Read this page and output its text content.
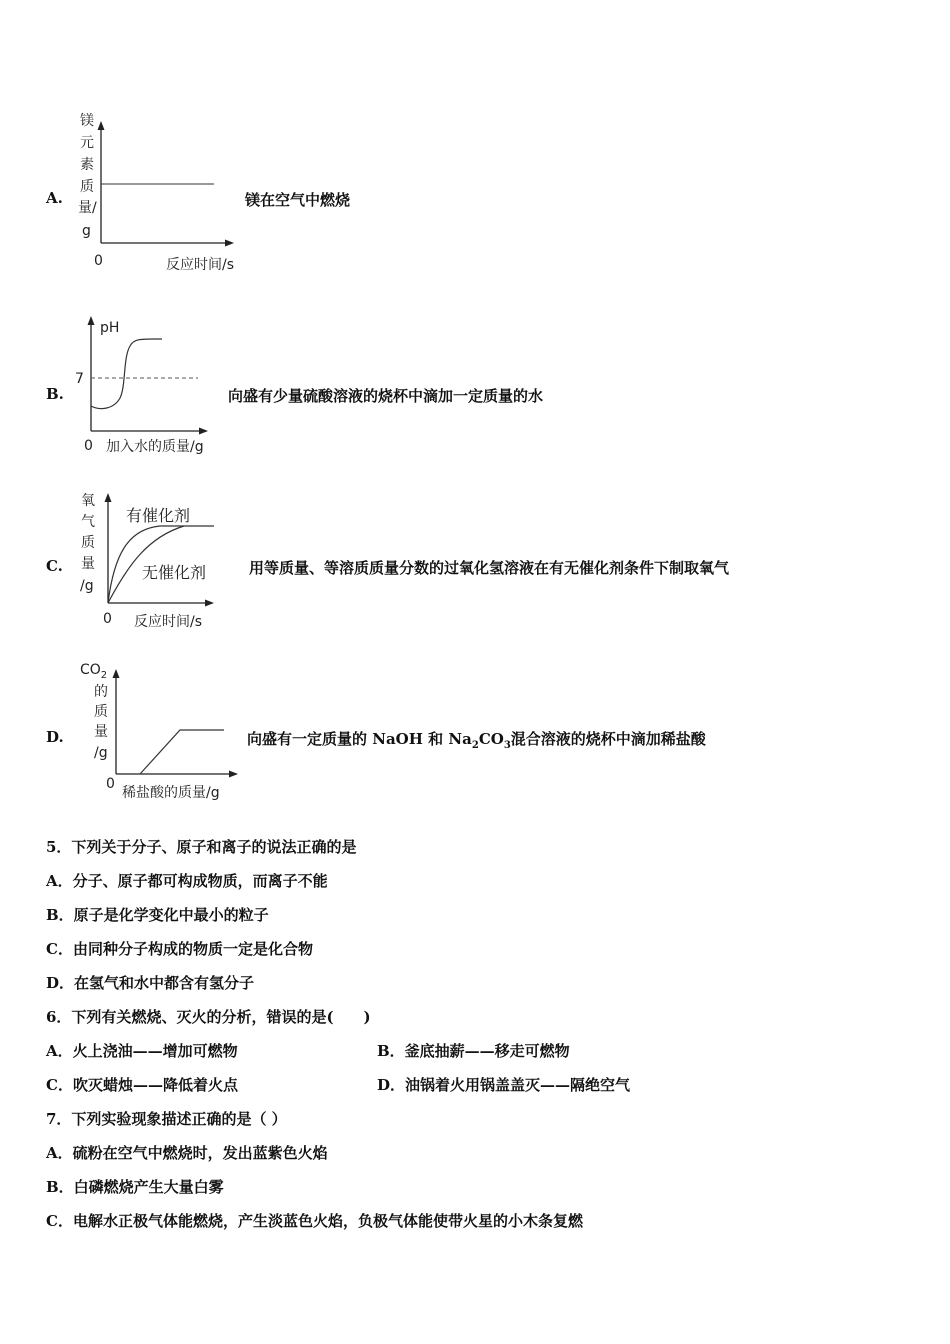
A.
镁
元
素
质
量/
g
0	反应时间/s
镁在空气中燃烧
B.
pH
7
0 加入水的质量/g
向盛有少量硫酸溶液的烧杯中滴加一定质量的水
C.
氧
气
质
量
/g
有催化剂
无催化剂
0 反应时间/s
用等质量、等溶质质量分数的过氧化氢溶液在有无催化剂条件下制取氧气
D.
$CO_2$
的
质
量
/g
0
稀盐酸的质量/g
向盛有一定质量的 NaOH 和 $Na_2CO_3$混合溶液的烧杯中滴加稀盐酸
5．下列关于分子、原子和离子的说法正确的是
A．分子、原子都可构成物质，而离子不能
B．原子是化学变化中最小的粒子
C．由同种分子构成的物质一定是化合物
D．在氢气和水中都含有氢分子
6．下列有关燃烧、灭火的分析，错误的是(　　)
A．火上浇油——增加可燃物	B．釜底抽薪——移走可燃物
C．吹灭蜡烛——降低着火点	D．油锅着火用锅盖盖灭——隔绝空气
7．下列实验现象描述正确的是（ ）
A．硫粉在空气中燃烧时，发出蓝紫色火焰
B．白磷燃烧产生大量白雾
C．电解水正极气体能燃烧，产生淡蓝色火焰，负极气体能使带火星的小木条复燃
